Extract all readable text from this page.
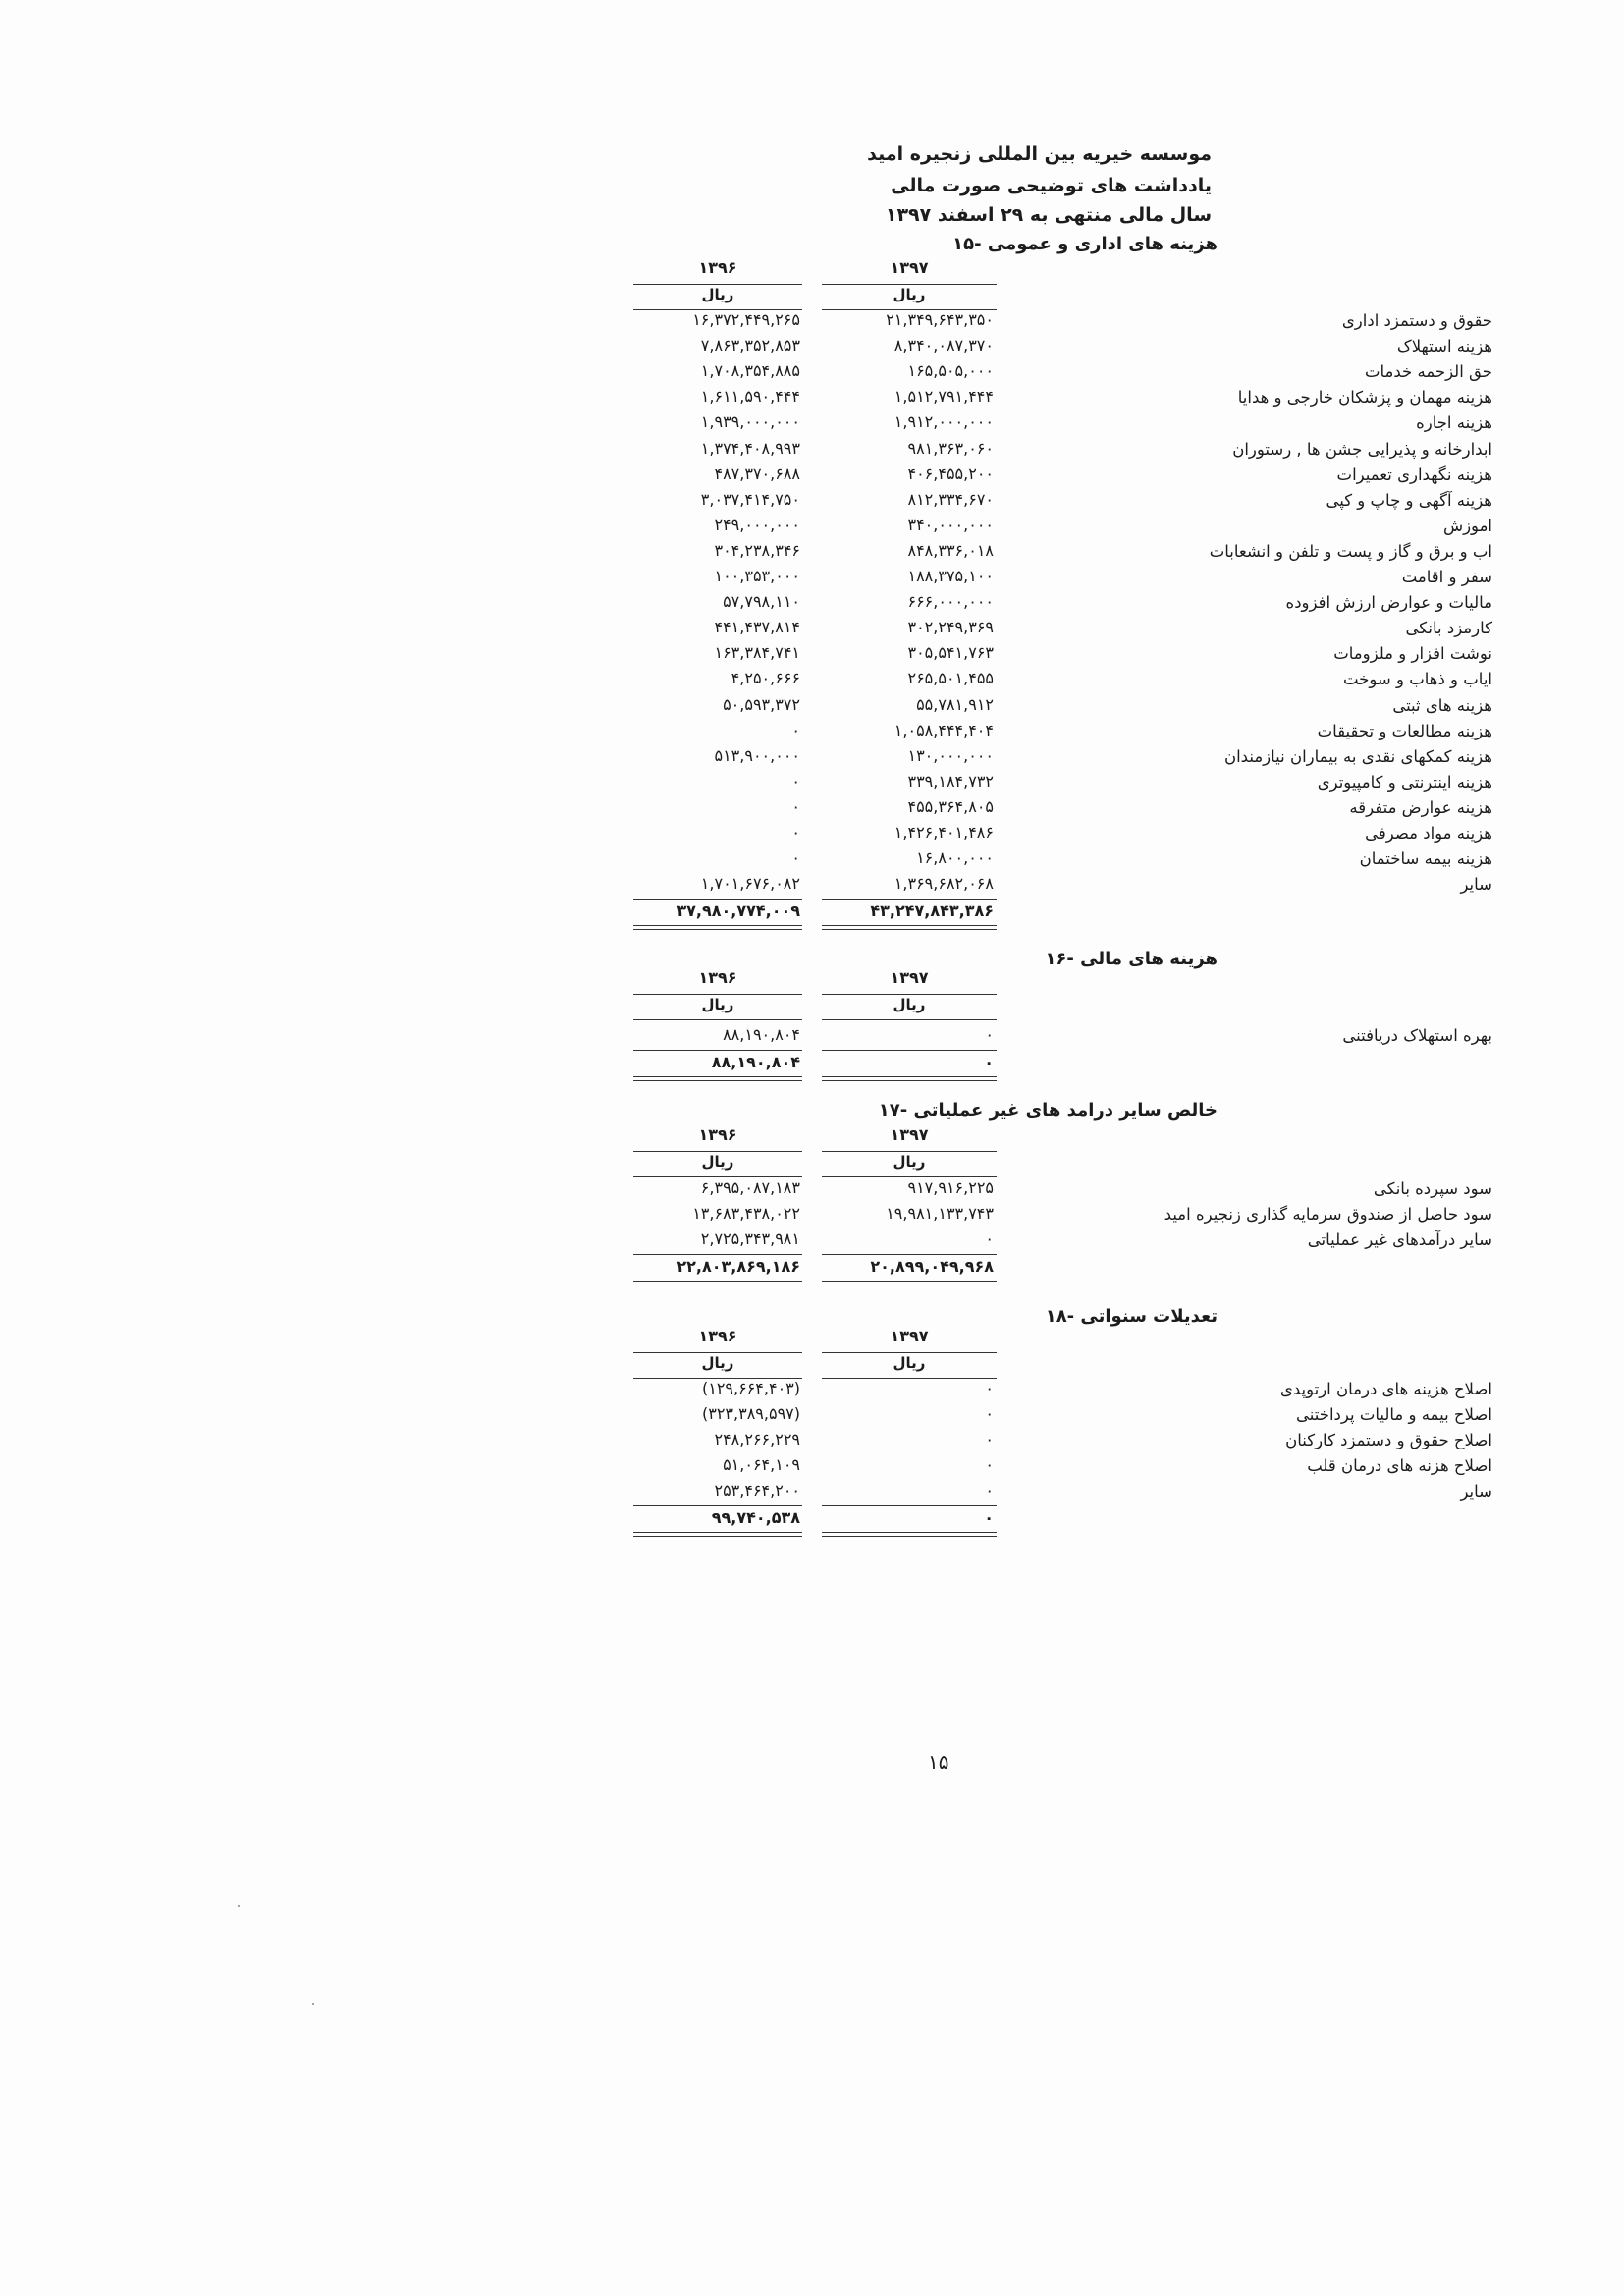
موسسه خیریه بین المللی زنجیره امید
یادداشت های توضیحی صورت مالی
سال مالی منتهی به ۲۹ اسفند ۱۳۹۷
۱۵- هزینه های اداری و عمومی
۱۳۹۷
۱۳۹۶
ریال
ریال
حقوق و دستمزد اداری
۲۱,۳۴۹,۶۴۳,۳۵۰
۱۶,۳۷۲,۴۴۹,۲۶۵
هزینه استهلاک
۸,۳۴۰,۰۸۷,۳۷۰
۷,۸۶۳,۳۵۲,۸۵۳
حق الزحمه خدمات
۱۶۵,۵۰۵,۰۰۰
۱,۷۰۸,۳۵۴,۸۸۵
هزینه مهمان و پزشکان خارجی و هدایا
۱,۵۱۲,۷۹۱,۴۴۴
۱,۶۱۱,۵۹۰,۴۴۴
هزینه اجاره
۱,۹۱۲,۰۰۰,۰۰۰
۱,۹۳۹,۰۰۰,۰۰۰
ابدارخانه و پذیرایی جشن ها , رستوران
۹۸۱,۳۶۳,۰۶۰
۱,۳۷۴,۴۰۸,۹۹۳
هزینه نگهداری تعمیرات
۴۰۶,۴۵۵,۲۰۰
۴۸۷,۳۷۰,۶۸۸
هزینه آگهی و چاپ و کپی
۸۱۲,۳۳۴,۶۷۰
۳,۰۳۷,۴۱۴,۷۵۰
اموزش
۳۴۰,۰۰۰,۰۰۰
۲۴۹,۰۰۰,۰۰۰
اب و برق و گاز و پست و تلفن و انشعابات
۸۴۸,۳۳۶,۰۱۸
۳۰۴,۲۳۸,۳۴۶
سفر و اقامت
۱۸۸,۳۷۵,۱۰۰
۱۰۰,۳۵۳,۰۰۰
مالیات و عوارض ارزش افزوده
۶۶۶,۰۰۰,۰۰۰
۵۷,۷۹۸,۱۱۰
کارمزد بانکی
۳۰۲,۲۴۹,۳۶۹
۴۴۱,۴۳۷,۸۱۴
نوشت افزار و ملزومات
۳۰۵,۵۴۱,۷۶۳
۱۶۳,۳۸۴,۷۴۱
ایاب و ذهاب و سوخت
۲۶۵,۵۰۱,۴۵۵
۴,۲۵۰,۶۶۶
هزینه های ثبتی
۵۵,۷۸۱,۹۱۲
۵۰,۵۹۳,۳۷۲
هزینه مطالعات و تحقیقات
۱,۰۵۸,۴۴۴,۴۰۴
۰
هزینه کمکهای نقدی به بیماران نیازمندان
۱۳۰,۰۰۰,۰۰۰
۵۱۳,۹۰۰,۰۰۰
هزینه اینترنتی و کامپیوتری
۳۳۹,۱۸۴,۷۳۲
۰
هزینه عوارض متفرقه
۴۵۵,۳۶۴,۸۰۵
۰
هزینه مواد مصرفی
۱,۴۲۶,۴۰۱,۴۸۶
۰
هزینه بیمه ساختمان
۱۶,۸۰۰,۰۰۰
۰
سایر
۱,۳۶۹,۶۸۲,۰۶۸
۱,۷۰۱,۶۷۶,۰۸۲
۴۳,۲۴۷,۸۴۳,۳۸۶
۳۷,۹۸۰,۷۷۴,۰۰۹
۱۶- هزینه های مالی
۱۳۹۷
۱۳۹۶
ریال
ریال
بهره استهلاک دریافتنی
۰
۸۸,۱۹۰,۸۰۴
۰
۸۸,۱۹۰,۸۰۴
۱۷- خالص سایر درامد های غیر عملیاتی
۱۳۹۷
۱۳۹۶
ریال
ریال
سود سپرده بانکی
۹۱۷,۹۱۶,۲۲۵
۶,۳۹۵,۰۸۷,۱۸۳
سود حاصل از صندوق سرمایه گذاری زنجیره امید
۱۹,۹۸۱,۱۳۳,۷۴۳
۱۳,۶۸۳,۴۳۸,۰۲۲
سایر درآمدهای غیر عملیاتی
۰
۲,۷۲۵,۳۴۳,۹۸۱
۲۰,۸۹۹,۰۴۹,۹۶۸
۲۲,۸۰۳,۸۶۹,۱۸۶
۱۸- تعدیلات سنواتی
۱۳۹۷
۱۳۹۶
ریال
ریال
اصلاح هزینه های درمان ارتوپدی
۰
(۱۲۹,۶۶۴,۴۰۳)
اصلاح بیمه و مالیات پرداختنی
۰
(۳۲۳,۳۸۹,۵۹۷)
اصلاح حقوق و دستمزد کارکنان
۰
۲۴۸,۲۶۶,۲۲۹
اصلاح هزنه های درمان قلب
۰
۵۱,۰۶۴,۱۰۹
سایر
۰
۲۵۳,۴۶۴,۲۰۰
۰
۹۹,۷۴۰,۵۳۸
۱۵
